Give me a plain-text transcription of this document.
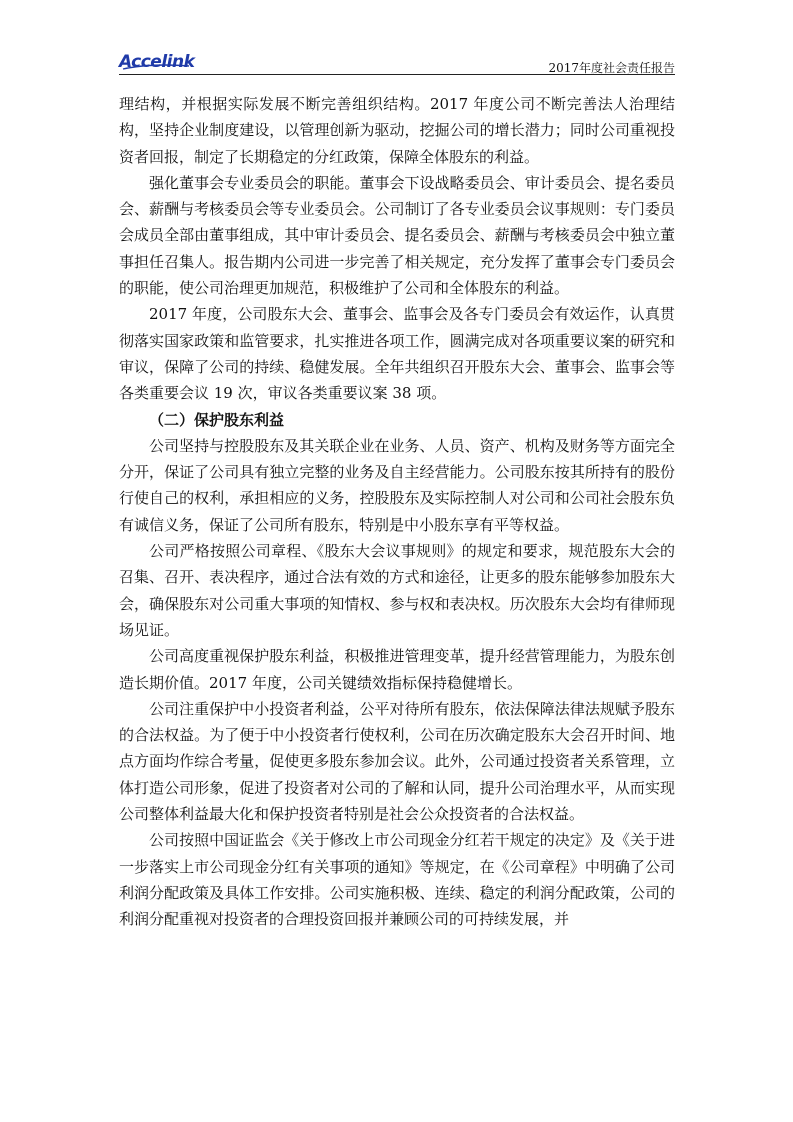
Accelink	2017年度社会责任报告

理结构，并根据实际发展不断完善组织结构。2017 年度公司不断完善法人治理结构，坚持企业制度建设，以管理创新为驱动，挖掘公司的增长潜力；同时公司重视投资者回报，制定了长期稳定的分红政策，保障全体股东的利益。

强化董事会专业委员会的职能。董事会下设战略委员会、审计委员会、提名委员会、薪酬与考核委员会等专业委员会。公司制订了各专业委员会议事规则：专门委员会成员全部由董事组成，其中审计委员会、提名委员会、薪酬与考核委员会中独立董事担任召集人。报告期内公司进一步完善了相关规定，充分发挥了董事会专门委员会的职能，使公司治理更加规范，积极维护了公司和全体股东的利益。

2017 年度，公司股东大会、董事会、监事会及各专门委员会有效运作，认真贯彻落实国家政策和监管要求，扎实推进各项工作，圆满完成对各项重要议案的研究和审议，保障了公司的持续、稳健发展。全年共组织召开股东大会、董事会、监事会等各类重要会议 19 次，审议各类重要议案 38 项。

（二）保护股东利益

公司坚持与控股股东及其关联企业在业务、人员、资产、机构及财务等方面完全分开，保证了公司具有独立完整的业务及自主经营能力。公司股东按其所持有的股份行使自己的权利，承担相应的义务，控股股东及实际控制人对公司和公司社会股东负有诚信义务，保证了公司所有股东，特别是中小股东享有平等权益。

公司严格按照公司章程、《股东大会议事规则》的规定和要求，规范股东大会的召集、召开、表决程序，通过合法有效的方式和途径，让更多的股东能够参加股东大会，确保股东对公司重大事项的知情权、参与权和表决权。历次股东大会均有律师现场见证。

公司高度重视保护股东利益，积极推进管理变革，提升经营管理能力，为股东创造长期价值。2017 年度，公司关键绩效指标保持稳健增长。

公司注重保护中小投资者利益，公平对待所有股东，依法保障法律法规赋予股东的合法权益。为了便于中小投资者行使权利，公司在历次确定股东大会召开时间、地点方面均作综合考量，促使更多股东参加会议。此外，公司通过投资者关系管理，立体打造公司形象，促进了投资者对公司的了解和认同，提升公司治理水平，从而实现公司整体利益最大化和保护投资者特别是社会公众投资者的合法权益。

公司按照中国证监会《关于修改上市公司现金分红若干规定的决定》及《关于进一步落实上市公司现金分红有关事项的通知》等规定，在《公司章程》中明确了公司利润分配政策及具体工作安排。公司实施积极、连续、稳定的利润分配政策，公司的利润分配重视对投资者的合理投资回报并兼顾公司的可持续发展，并
